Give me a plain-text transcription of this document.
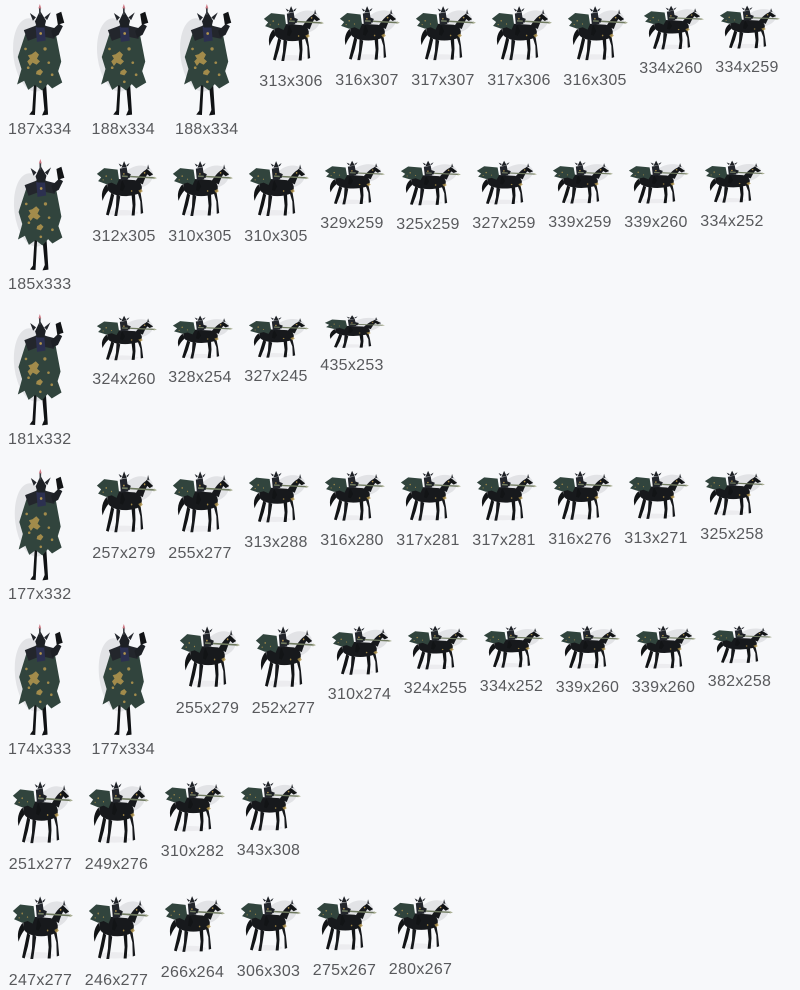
187x334 188x334 188x334
313x306 316x307 317x307 317x306 316x305
334x260 334x259
185x333
312x305 310x305 310x305
329x259 325x259 327x259 339x259 339x260 334x252
181x332
324x260 328x254 327x245
435x253
177x332
257x279 255x277
313x288 316x280 317x281 317x281 316x276 313x271 325x258
174x333 177x334
255x279 252x277
310x274 324x255 334x252 339x260 339x260 382x258
251x277 249x276
310x282 343x308
247x277 246x277 266x264 306x303 275x267 280x267
